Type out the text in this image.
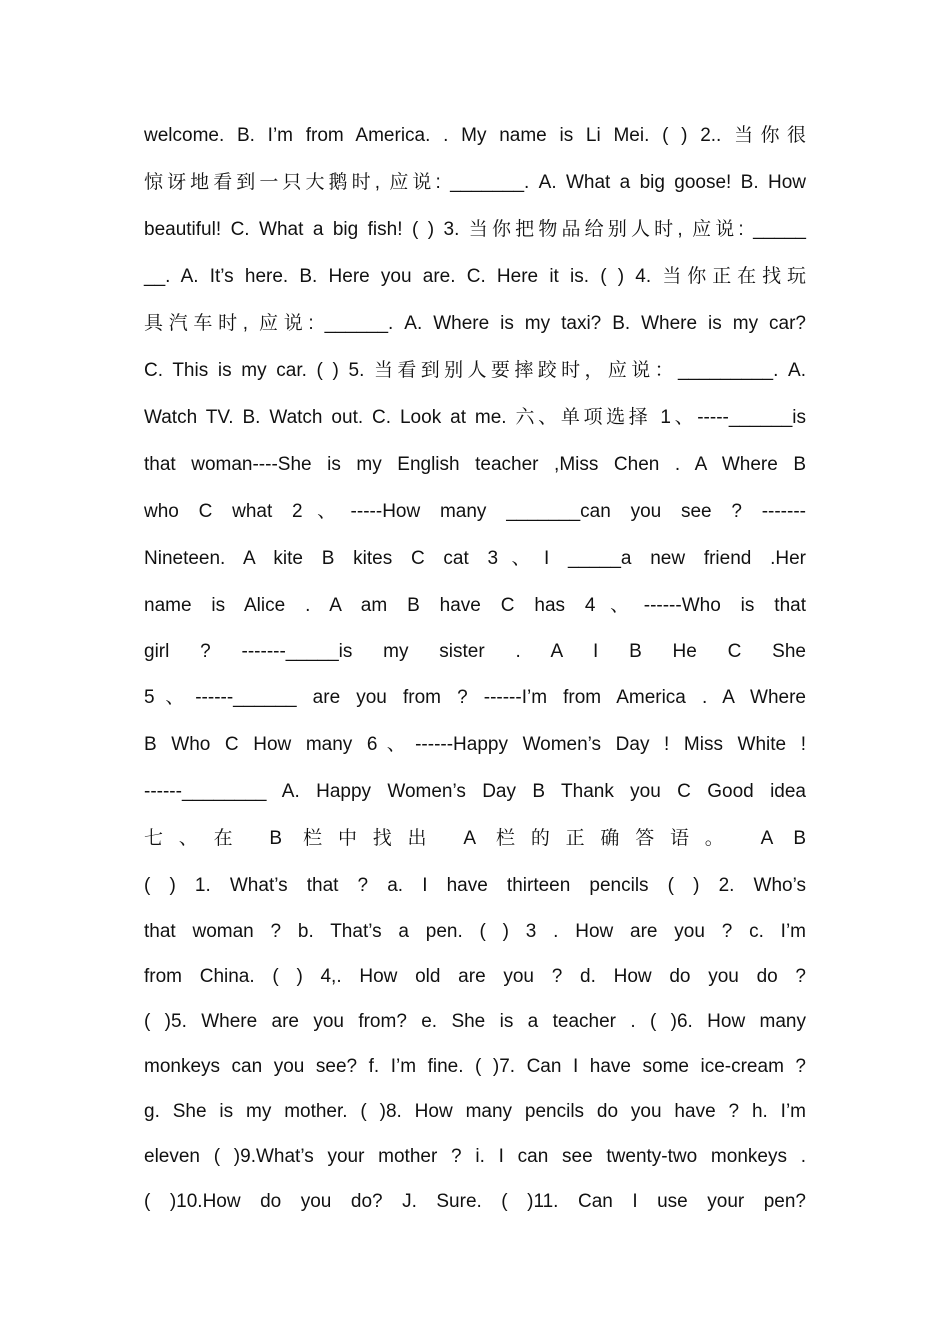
welcome. B. I’m from America. . My name is Li Mei. ( ) 2.. 当你很
惊讶地看到一只大鹅时, 应说: _______. A. What a big goose! B. How
beautiful! C. What a big fish! ( ) 3. 当你把物品给别人时, 应说: _____
__. A. It’s here. B. Here you are. C. Here it is. ( ) 4. 当你正在找玩
具汽车时, 应说: ______. A. Where is my taxi? B. Where is my car?
C. This is my car. ( ) 5. 当看到别人要摔跤时，应说：_________. A.
Watch TV. B. Watch out. C. Look at me. 六、单项选择 1、-----______is
that woman----She is my English teacher ,Miss Chen . A Where B
who C what 2、-----How many _______can you see ? -------
Nineteen. A kite B kites C cat 3、I _____a new friend .Her
name is Alice . A am B have C has 4、------Who is that
girl ? -------_____is my sister . A I B He C She
5、------______ are you from ? ------I’m from America . A Where
B Who C How many 6、------Happy Women’s Day ! Miss White !
------________ A. Happy Women’s Day B Thank you C Good idea
七、在 B 栏中找出 A 栏的正确答语。 A B
( ) 1. What’s that ? a. I have thirteen pencils ( ) 2. Who’s
that woman ? b. That’s a pen. ( ) 3 . How are you ? c. I’m
from China. ( ) 4,. How old are you ? d. How do you do ?
( )5. Where are you from? e. She is a teacher . ( )6. How many
monkeys can you see? f. I’m fine. ( )7. Can I have some ice-cream ?
g. She is my mother. ( )8. How many pencils do you have ? h. I’m
eleven ( )9.What’s your mother ? i. I can see twenty-two monkeys .
( )10.How do you do? J. Sure. ( )11. Can I use your pen?
